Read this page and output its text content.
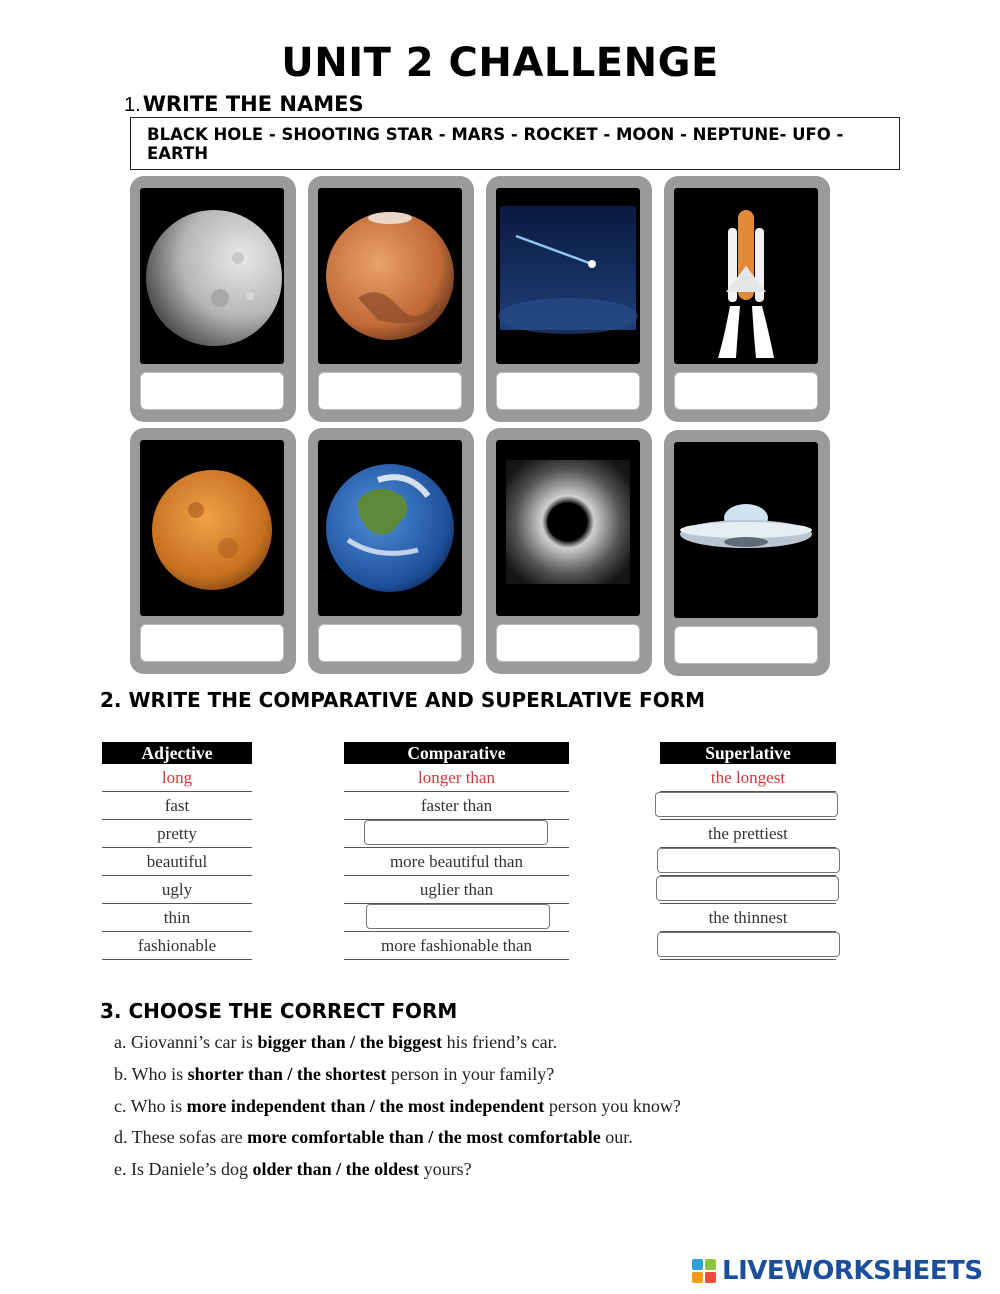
UNIT 2 CHALLENGE
1.WRITE THE NAMES
BLACK HOLE - SHOOTING STAR - MARS - ROCKET - MOON - NEPTUNE- UFO - EARTH
2. WRITE THE COMPARATIVE AND SUPERLATIVE FORM
Adjective
long
fast
pretty
beautiful
ugly
thin
fashionable
Comparative
longer than
faster than
more beautiful than
uglier than
more fashionable than
Superlative
the longest
the prettiest
the thinnest
3. CHOOSE THE CORRECT FORM
a. Giovanni’s car is bigger than / the biggest his friend’s car.
b. Who is shorter than / the shortest person in your family?
c. Who is more independent than / the most independent person you know?
d. These sofas are more comfortable than / the most comfortable our.
e. Is Daniele’s dog older than / the oldest yours?
LIVEWORKSHEETS
